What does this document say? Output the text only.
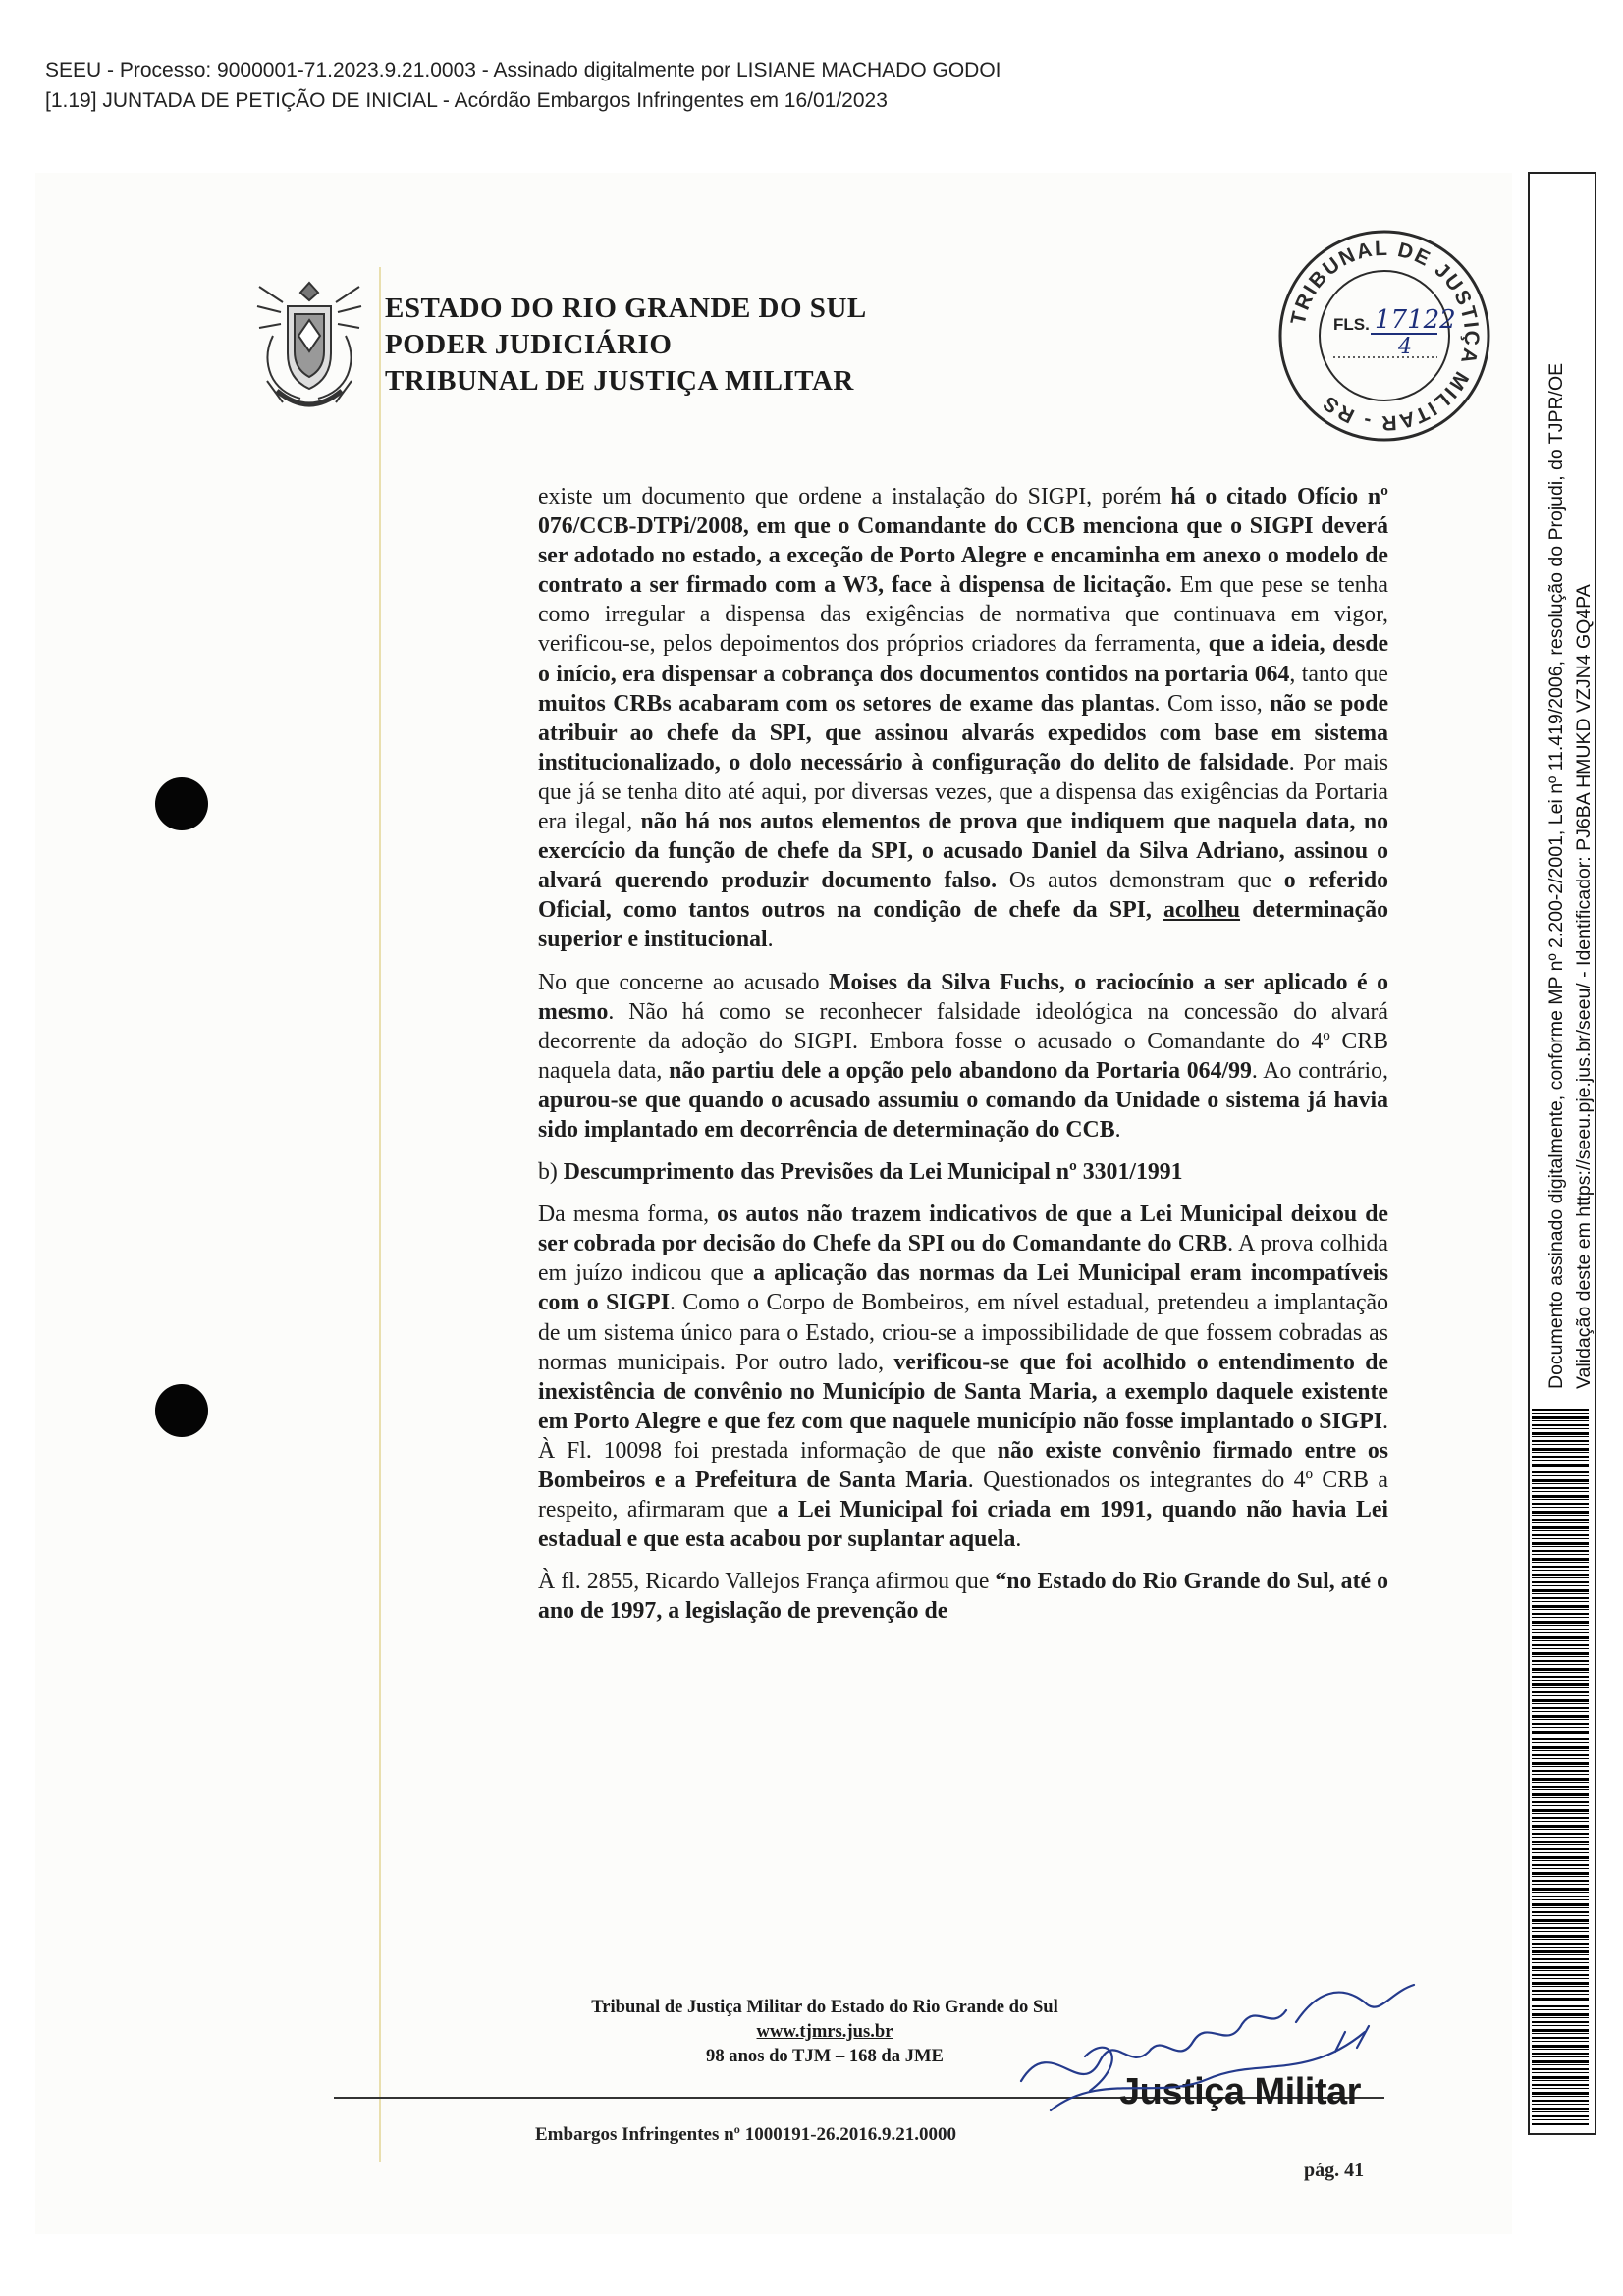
SEEU - Processo: 9000001-71.2023.9.21.0003 - Assinado digitalmente por LISIANE MACHADO GODOI
[1.19] JUNTADA DE PETIÇÃO DE INICIAL - Acórdão Embargos Infringentes em 16/01/2023
ESTADO DO RIO GRANDE DO SUL
PODER JUDICIÁRIO
TRIBUNAL DE JUSTIÇA MILITAR
TRIBUNAL DE JUSTIÇA MILITAR - RS
FLS. 17122
4

existe um documento que ordene a instalação do SIGPI, porém há o citado Ofício nº 076/CCB-DTPi/2008, em que o Comandante do CCB menciona que o SIGPI deverá ser adotado no estado, a exceção de Porto Alegre e encaminha em anexo o modelo de contrato a ser firmado com a W3, face à dispensa de licitação. Em que pese se tenha como irregular a dispensa das exigências de normativa que continuava em vigor, verificou-se, pelos depoimentos dos próprios criadores da ferramenta, que a ideia, desde o início, era dispensar a cobrança dos documentos contidos na portaria 064, tanto que muitos CRBs acabaram com os setores de exame das plantas. Com isso, não se pode atribuir ao chefe da SPI, que assinou alvarás expedidos com base em sistema institucionalizado, o dolo necessário à configuração do delito de falsidade. Por mais que já se tenha dito até aqui, por diversas vezes, que a dispensa das exigências da Portaria era ilegal, não há nos autos elementos de prova que indiquem que naquela data, no exercício da função de chefe da SPI, o acusado Daniel da Silva Adriano, assinou o alvará querendo produzir documento falso. Os autos demonstram que o referido Oficial, como tantos outros na condição de chefe da SPI, acolheu determinação superior e institucional.

No que concerne ao acusado Moises da Silva Fuchs, o raciocínio a ser aplicado é o mesmo. Não há como se reconhecer falsidade ideológica na concessão do alvará decorrente da adoção do SIGPI. Embora fosse o acusado o Comandante do 4º CRB naquela data, não partiu dele a opção pelo abandono da Portaria 064/99. Ao contrário, apurou-se que quando o acusado assumiu o comando da Unidade o sistema já havia sido implantado em decorrência de determinação do CCB.

b) Descumprimento das Previsões da Lei Municipal nº 3301/1991

Da mesma forma, os autos não trazem indicativos de que a Lei Municipal deixou de ser cobrada por decisão do Chefe da SPI ou do Comandante do CRB. A prova colhida em juízo indicou que a aplicação das normas da Lei Municipal eram incompatíveis com o SIGPI. Como o Corpo de Bombeiros, em nível estadual, pretendeu a implantação de um sistema único para o Estado, criou-se a impossibilidade de que fossem cobradas as normas municipais. Por outro lado, verificou-se que foi acolhido o entendimento de inexistência de convênio no Município de Santa Maria, a exemplo daquele existente em Porto Alegre e que fez com que naquele município não fosse implantado o SIGPI. À Fl. 10098 foi prestada informação de que não existe convênio firmado entre os Bombeiros e a Prefeitura de Santa Maria. Questionados os integrantes do 4º CRB a respeito, afirmaram que a Lei Municipal foi criada em 1991, quando não havia Lei estadual e que esta acabou por suplantar aquela.

À fl. 2855, Ricardo Vallejos França afirmou que “no Estado do Rio Grande do Sul, até o ano de 1997, a legislação de prevenção de

Tribunal de Justiça Militar do Estado do Rio Grande do Sul
www.tjmrs.jus.br
98 anos do TJM – 168 da JME
Justiça Militar
Embargos Infringentes nº 1000191-26.2016.9.21.0000
pág. 41
Documento assinado digitalmente, conforme MP nº 2.200-2/2001, Lei nº 11.419/2006, resolução do Projudi, do TJPR/OE Validação deste em https://seeu.pje.jus.br/seeu/ - Identificador: PJ6BA HMUKD VZJN4 GQ4PA
